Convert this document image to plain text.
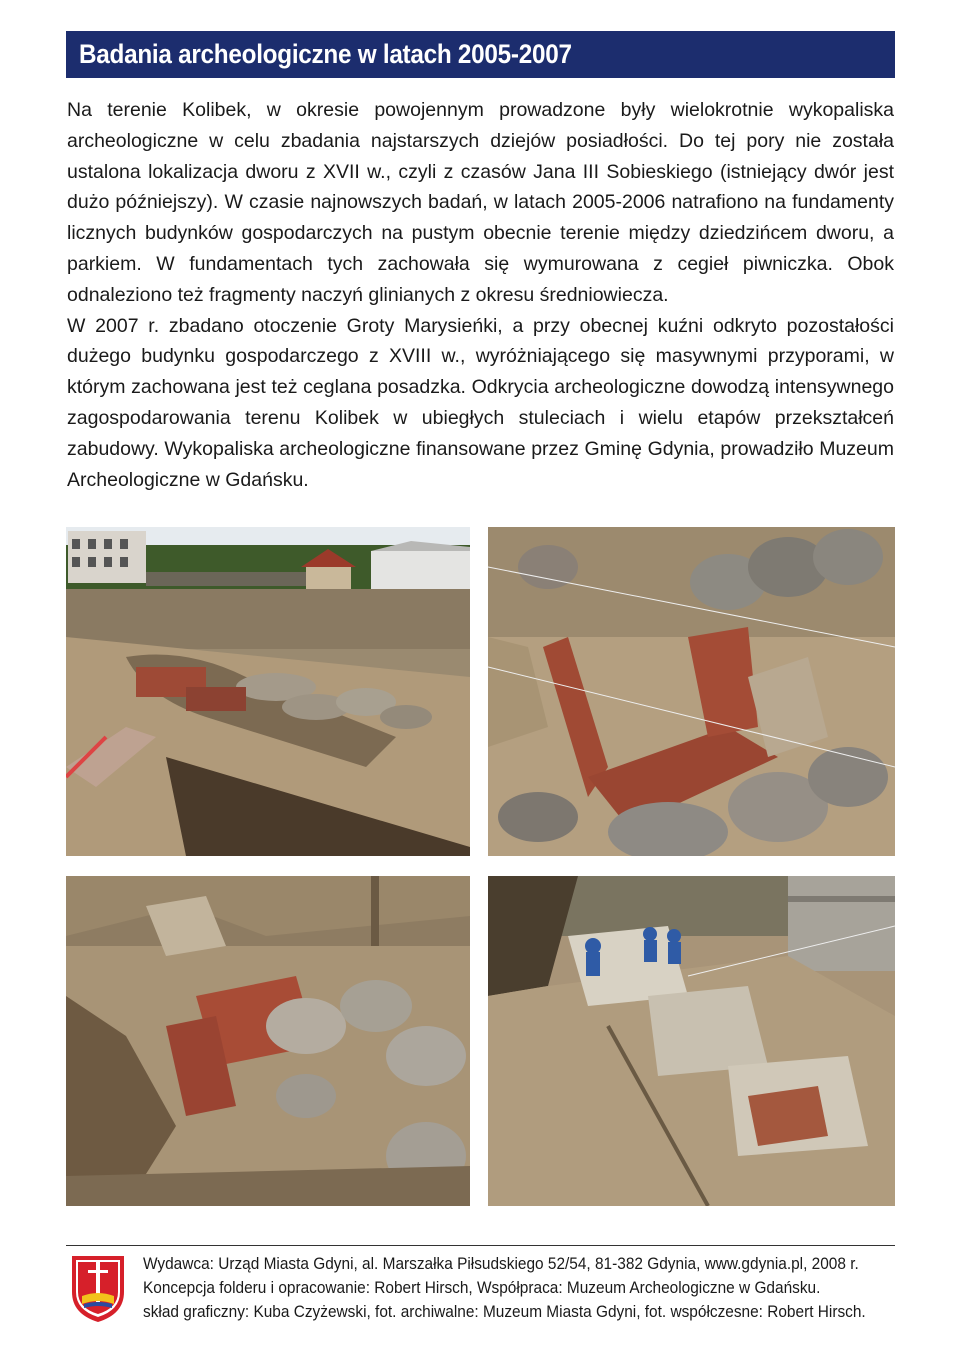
Badania archeologiczne w latach 2005-2007

Na terenie Kolibek, w okresie powojennym prowadzone były wielokrotnie wykopaliska archeologiczne w celu zbadania najstarszych dziejów posiadłości. Do tej pory nie została ustalona lokalizacja dworu z XVII w., czyli z czasów Jana III Sobieskiego (istniejący dwór jest dużo późniejszy). W czasie najnowszych badań, w latach 2005-2006 natrafiono na fundamenty licznych budynków gospodarczych na pustym obecnie terenie między dziedzińcem dworu, a parkiem. W fundamentach tych zachowała się wymurowana z cegieł piwniczka. Obok odnaleziono też fragmenty naczyń glinianych z okresu średniowiecza.

W 2007 r. zbadano otoczenie Groty Marysieńki, a przy obecnej kuźni odkryto pozostałości dużego budynku gospodarczego z XVIII w., wyróżniającego się masywnymi przyporami, w którym zachowana jest też ceglana posadzka. Odkrycia archeologiczne dowodzą intensywnego zagospodarowania terenu Kolibek w ubiegłych stuleciach i wielu etapów przekształceń zabudowy. Wykopaliska archeologiczne finansowane przez Gminę Gdynia, prowadziło Muzeum Archeologiczne w Gdańsku.

Wydawca: Urząd Miasta Gdyni, al. Marszałka Piłsudskiego 52/54, 81-382 Gdynia, www.gdynia.pl, 2008 r.
Koncepcja folderu i opracowanie: Robert Hirsch, Współpraca: Muzeum Archeologiczne w Gdańsku.
skład graficzny: Kuba Czyżewski, fot. archiwalne: Muzeum Miasta Gdyni, fot. współczesne: Robert Hirsch.
